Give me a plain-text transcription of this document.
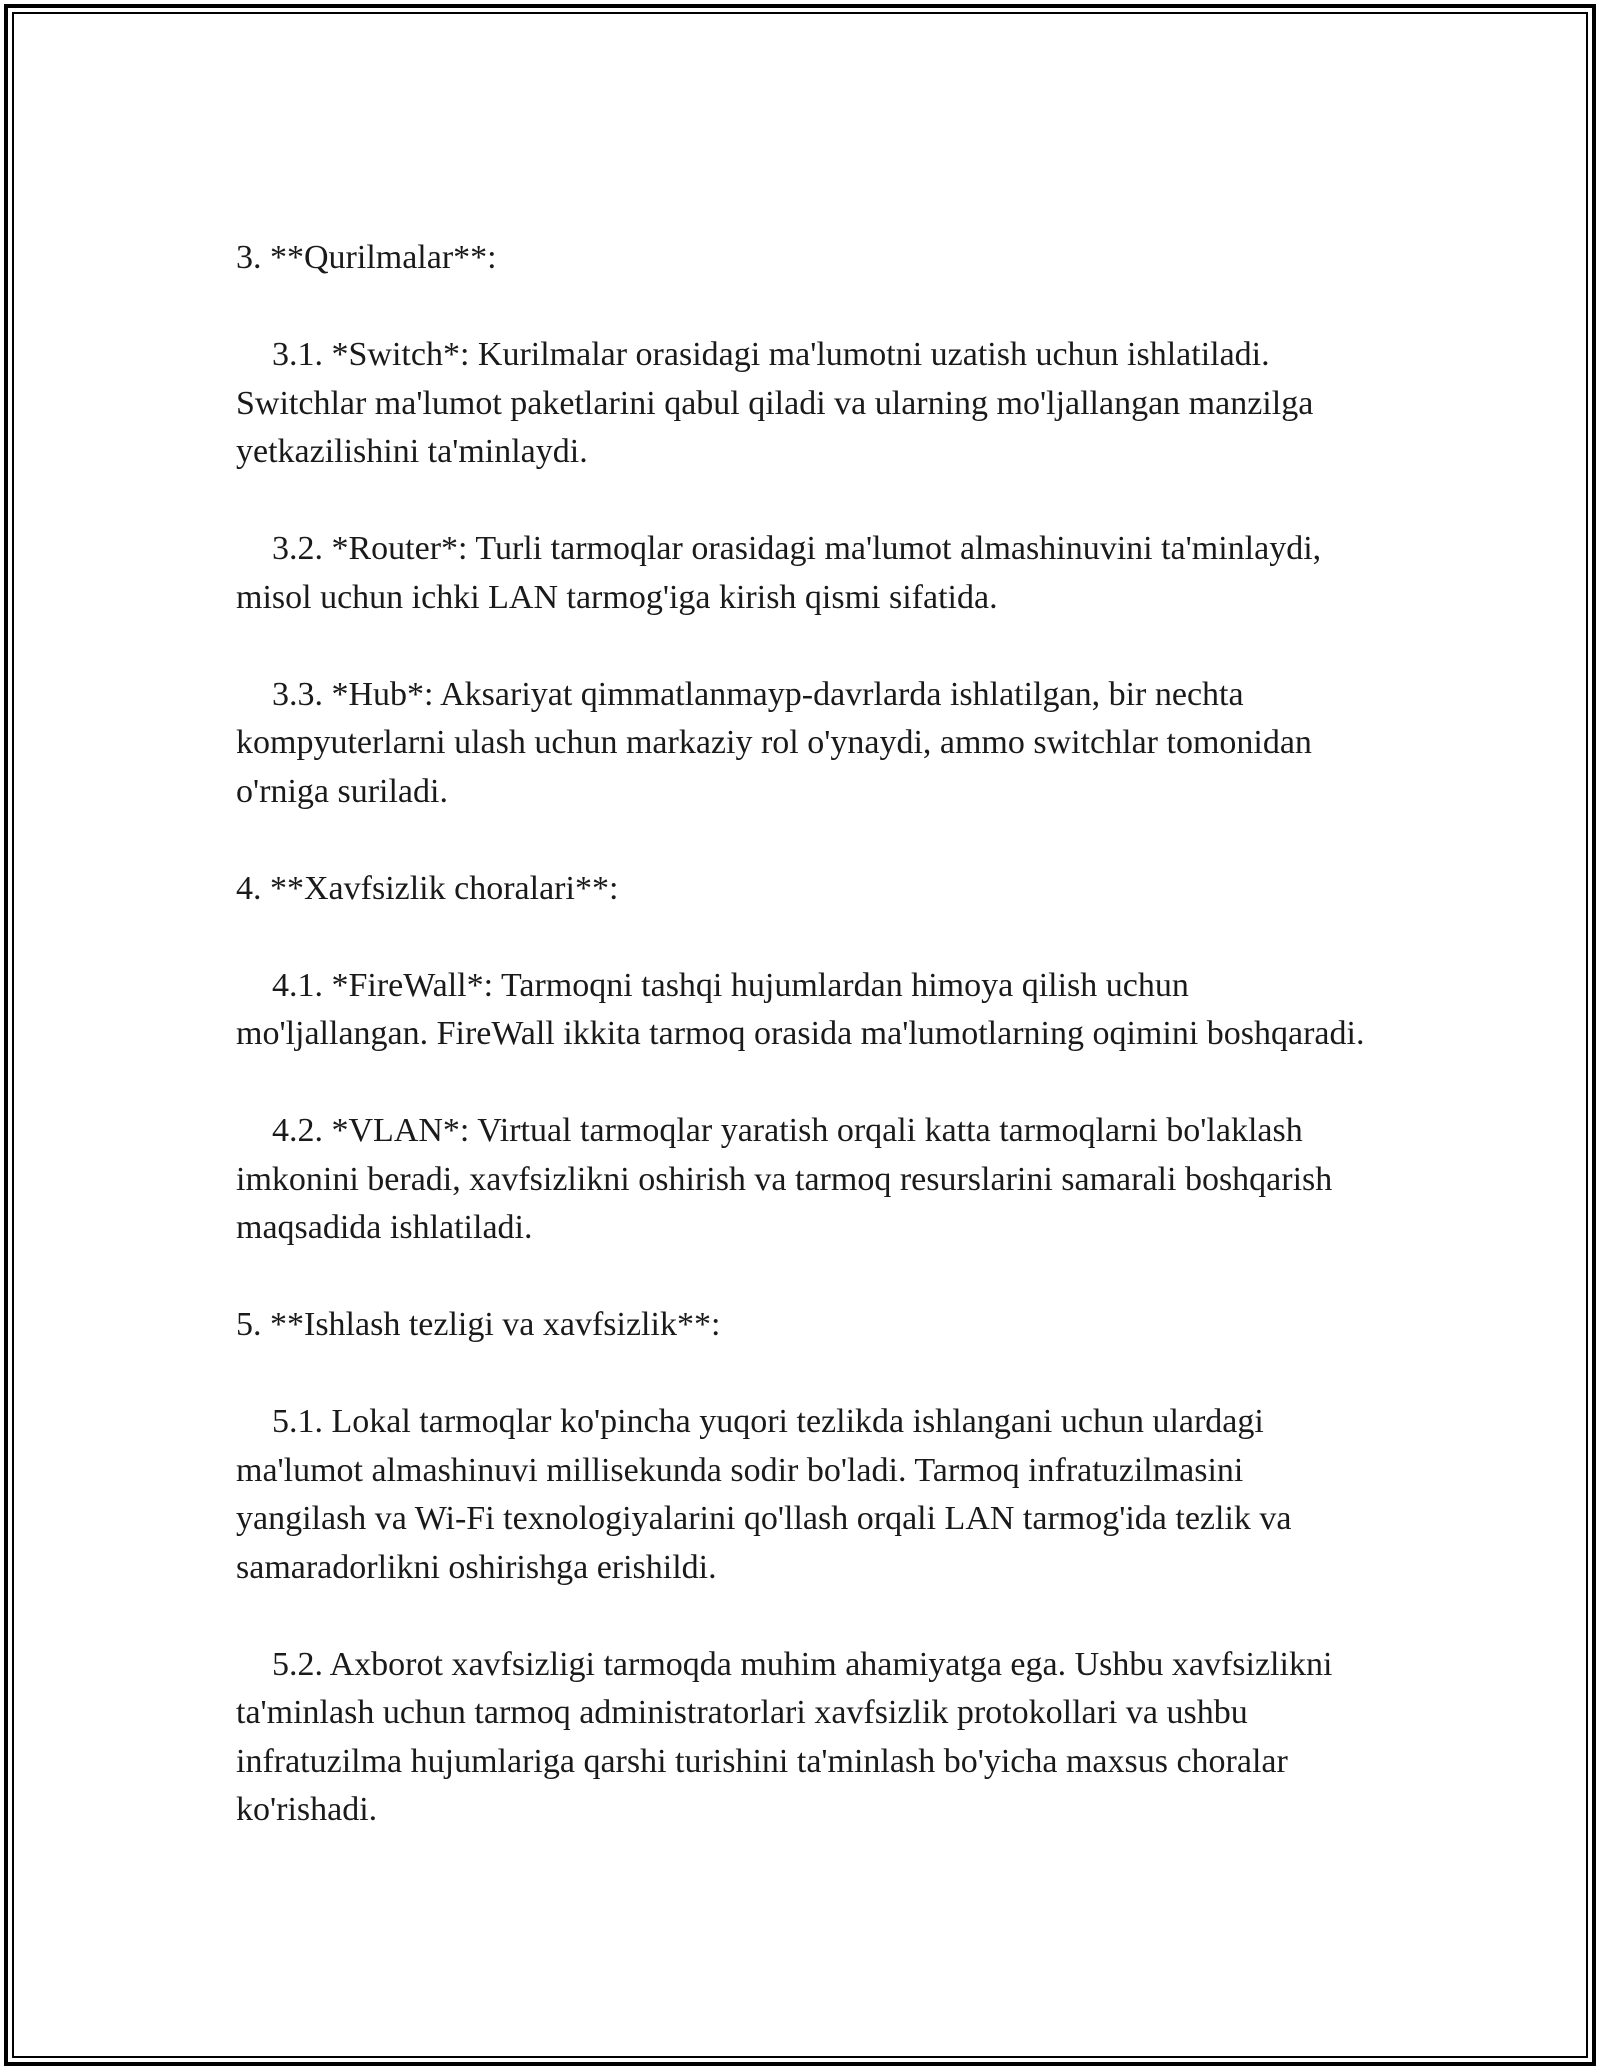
3. **Qurilmalar**:

3.1. *Switch*: Kurilmalar orasidagi ma'lumotni uzatish uchun ishlatiladi. Switchlar ma'lumot paketlarini qabul qiladi va ularning mo'ljallangan manzilga yetkazilishini ta'minlaydi.

3.2. *Router*: Turli tarmoqlar orasidagi ma'lumot almashinuvini ta'minlaydi, misol uchun ichki LAN tarmog'iga kirish qismi sifatida.

3.3. *Hub*: Aksariyat qimmatlanmayp-davrlarda ishlatilgan, bir nechta kompyuterlarni ulash uchun markaziy rol o'ynaydi, ammo switchlar tomonidan o'rniga suriladi.

4. **Xavfsizlik choralari**:

4.1. *FireWall*: Tarmoqni tashqi hujumlardan himoya qilish uchun mo'ljallangan. FireWall ikkita tarmoq orasida ma'lumotlarning oqimini boshqaradi.

4.2. *VLAN*: Virtual tarmoqlar yaratish orqali katta tarmoqlarni bo'laklash imkonini beradi, xavfsizlikni oshirish va tarmoq resurslarini samarali boshqarish maqsadida ishlatiladi.

5. **Ishlash tezligi va xavfsizlik**:

5.1. Lokal tarmoqlar ko'pincha yuqori tezlikda ishlangani uchun ulardagi ma'lumot almashinuvi millisekunda sodir bo'ladi. Tarmoq infratuzilmasini yangilash va Wi-Fi texnologiyalarini qo'llash orqali LAN tarmog'ida tezlik va samaradorlikni oshirishga erishildi.

5.2. Axborot xavfsizligi tarmoqda muhim ahamiyatga ega. Ushbu xavfsizlikni ta'minlash uchun tarmoq administratorlari xavfsizlik protokollari va ushbu infratuzilma hujumlariga qarshi turishini ta'minlash bo'yicha maxsus choralar ko'rishadi.
